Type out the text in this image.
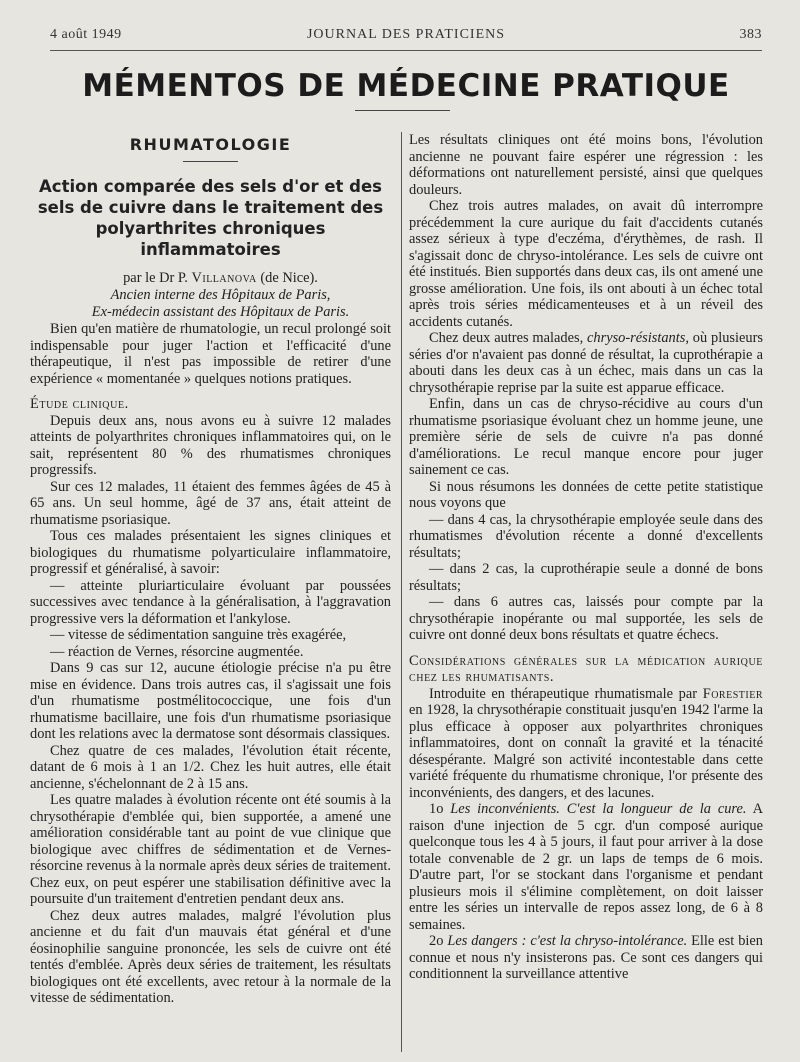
4 août 1949	JOURNAL DES PRATICIENS	383
MÉMENTOS DE MÉDECINE PRATIQUE
RHUMATOLOGIE
Action comparée des sels d'or et des sels de cuivre dans le traitement des polyarthrites chroniques inflammatoires

par le Dr P. Villanova (de Nice).

Ancien interne des Hôpitaux de Paris,

Ex-médecin assistant des Hôpitaux de Paris.

Bien qu'en matière de rhumatologie, un recul prolongé soit indispensable pour juger l'action et l'efficacité d'une thérapeutique, il n'est pas impossible de retirer d'une expérience « momentanée » quelques notions pratiques.

Étude clinique.

Depuis deux ans, nous avons eu à suivre 12 malades atteints de polyarthrites chroniques inflammatoires qui, on le sait, représentent 80 % des rhumatismes chroniques progressifs.

Sur ces 12 malades, 11 étaient des femmes âgées de 45 à 65 ans. Un seul homme, âgé de 37 ans, était atteint de rhumatisme psoriasique.

Tous ces malades présentaient les signes cliniques et biologiques du rhumatisme polyarticulaire inflammatoire, progressif et généralisé, à savoir:

— atteinte pluriarticulaire évoluant par poussées successives avec tendance à la généralisation, à l'aggravation progressive vers la déformation et l'ankylose.

— vitesse de sédimentation sanguine très exagérée,

— réaction de Vernes, résorcine augmentée.

Dans 9 cas sur 12, aucune étiologie précise n'a pu être mise en évidence. Dans trois autres cas, il s'agissait une fois d'un rhumatisme postmélitococcique, une fois d'un rhumatisme bacillaire, une fois d'un rhumatisme psoriasique dont les relations avec la dermatose sont désormais classiques.

Chez quatre de ces malades, l'évolution était récente, datant de 6 mois à 1 an 1/2. Chez les huit autres, elle était ancienne, s'échelonnant de 2 à 15 ans.

Les quatre malades à évolution récente ont été soumis à la chrysothérapie d'emblée qui, bien supportée, a amené une amélioration considérable tant au point de vue clinique que biologique avec chiffres de sédimentation et de Vernes-résorcine revenus à la normale après deux séries de traitement. Chez eux, on peut espérer une stabilisation définitive avec la poursuite d'un traitement d'entretien pendant deux ans.

Chez deux autres malades, malgré l'évolution plus ancienne et du fait d'un mauvais état général et d'une éosinophilie sanguine prononcée, les sels de cuivre ont été tentés d'emblée. Après deux séries de traitement, les résultats biologiques ont été excellents, avec retour à la normale de la vitesse de sédimentation.

Les résultats cliniques ont été moins bons, l'évolution ancienne ne pouvant faire espérer une régression : les déformations ont naturellement persisté, ainsi que quelques douleurs.

Chez trois autres malades, on avait dû interrompre précédemment la cure aurique du fait d'accidents cutanés assez sérieux à type d'eczéma, d'érythèmes, de rash. Il s'agissait donc de chryso-intolérance. Les sels de cuivre ont été institués. Bien supportés dans deux cas, ils ont amené une grosse amélioration. Une fois, ils ont abouti à un échec total après trois séries médicamenteuses et à un réveil des accidents cutanés.

Chez deux autres malades, chryso-résistants, où plusieurs séries d'or n'avaient pas donné de résultat, la cuprothérapie a abouti dans les deux cas à un échec, mais dans un cas la chrysothérapie reprise par la suite est apparue efficace.

Enfin, dans un cas de chryso-récidive au cours d'un rhumatisme psoriasique évoluant chez un homme jeune, une première série de sels de cuivre n'a pas donné d'améliorations. Le recul manque encore pour juger sainement ce cas.

Si nous résumons les données de cette petite statistique nous voyons que

— dans 4 cas, la chrysothérapie employée seule dans des rhumatismes d'évolution récente a donné d'excellents résultats;

— dans 2 cas, la cuprothérapie seule a donné de bons résultats;

— dans 6 autres cas, laissés pour compte par la chrysothérapie inopérante ou mal supportée, les sels de cuivre ont donné deux bons résultats et quatre échecs.

Considérations générales sur la médication aurique chez les rhumatisants.

Introduite en thérapeutique rhumatismale par Forestier en 1928, la chrysothérapie constituait jusqu'en 1942 l'arme la plus efficace à opposer aux polyarthrites chroniques inflammatoires, dont on connaît la gravité et la ténacité désespérante. Malgré son activité incontestable dans cette variété fréquente du rhumatisme chronique, l'or présente des inconvénients, des dangers, et des lacunes.

1o Les inconvénients. C'est la longueur de la cure. A raison d'une injection de 5 cgr. d'un composé aurique quelconque tous les 4 à 5 jours, il faut pour arriver à la dose totale convenable de 2 gr. un laps de temps de 6 mois. D'autre part, l'or se stockant dans l'organisme et pendant plusieurs mois il s'élimine complètement, on doit laisser entre les séries un intervalle de repos assez long, de 6 à 8 semaines.

2o Les dangers : c'est la chryso-intolérance. Elle est bien connue et nous n'y insisterons pas. Ce sont ces dangers qui conditionnent la surveillance attentive
